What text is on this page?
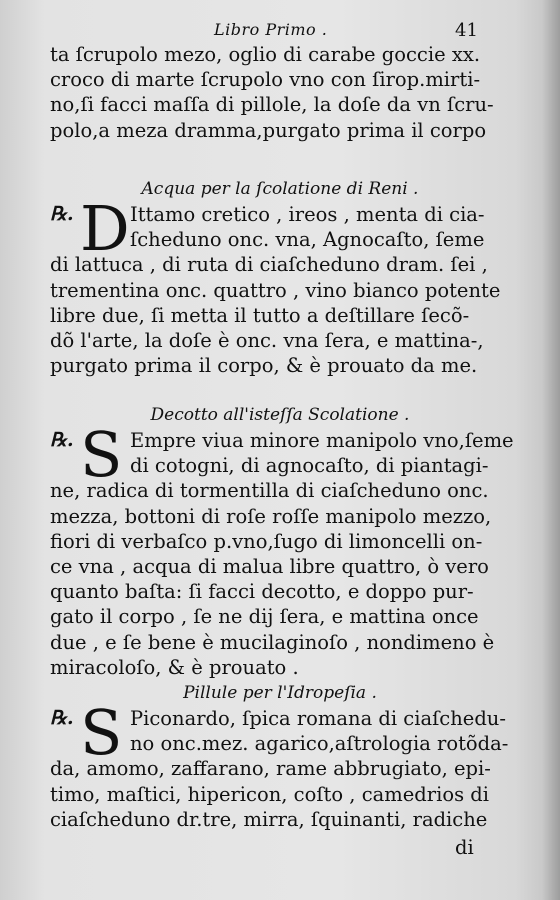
Libro Primo .	41
ta ſcrupolo mezo, oglio di carabe goccie xx.
croco di marte ſcrupolo vno con ſirop.mirti-
no,ſi facci maſſa di pillole, la doſe da vn ſcru-
polo,a meza dramma,purgato prima il corpo
Acqua per la ſcolatione di Reni .
℞. D Ittamo cretico , ireos , menta di cia-
ſcheduno onc. vna, Agnocaſto, ſeme
di lattuca , di ruta di ciaſcheduno dram. ſei ,
trementina onc. quattro , vino bianco potente
libre due, ſi metta il tutto a deſtillare ſecõ-
dõ l'arte, la doſe è onc. vna ſera, e mattina-,
purgato prima il corpo, & è prouato da me.
Decotto all'isteſſa Scolatione .
℞. S Empre viua minore manipolo vno,ſeme
di cotogni, di agnocaſto, di piantagi-
ne, radica di tormentilla di ciaſcheduno onc.
mezza, bottoni di roſe roſſe manipolo mezzo,
fiori di verbaſco p.vno,ſugo di limoncelli on-
ce vna , acqua di malua libre quattro, ò vero
quanto baſta: ſi facci decotto, e doppo pur-
gato il corpo , ſe ne dij ſera, e mattina once
due , e ſe bene è mucilaginoſo , nondimeno è
miracoloſo, & è prouato .
Pillule per l'Idropeſia .
℞. S Piconardo, ſpica romana di ciaſchedu-
no onc.mez. agarico,aſtrologia rotõda-
da, amomo, zaffarano, rame abbrugiato, epi-
timo, maſtici, hipericon, coſto , camedrios di
ciaſcheduno dr.tre, mirra, ſquinanti, radiche
di
